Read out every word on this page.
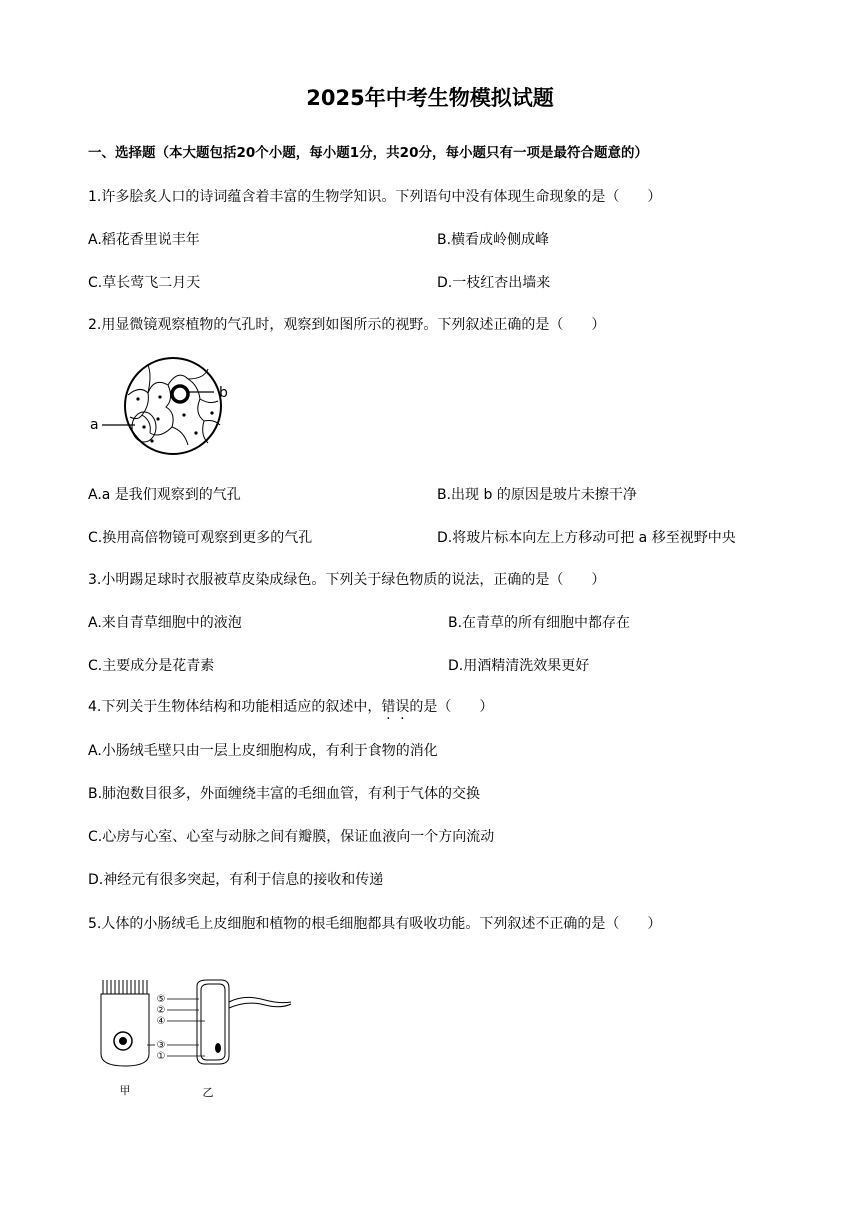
2025年中考生物模拟试题
一、选择题（本大题包括20个小题，每小题1分，共20分，每小题只有一项是最符合题意的）
1.许多脍炙人口的诗词蕴含着丰富的生物学知识。下列语句中没有体现生命现象的是（　　）
A.稻花香里说丰年	B.横看成岭侧成峰
C.草长莺飞二月天	D.一枝红杏出墙来
2.用显微镜观察植物的气孔时，观察到如图所示的视野。下列叙述正确的是（　　）
b
a
A.a 是我们观察到的气孔	B.出现 b 的原因是玻片未擦干净
C.换用高倍物镜可观察到更多的气孔	D.将玻片标本向左上方移动可把 a 移至视野中央
3.小明踢足球时衣服被草皮染成绿色。下列关于绿色物质的说法，正确的是（　　）
A.来自青草细胞中的液泡	B.在青草的所有细胞中都存在
C.主要成分是花青素	D.用酒精清洗效果更好
4.下列关于生物体结构和功能相适应的叙述中，错误的是（　　）
A.小肠绒毛壁只由一层上皮细胞构成，有利于食物的消化
B.肺泡数目很多，外面缠绕丰富的毛细血管，有利于气体的交换
C.心房与心室、心室与动脉之间有瓣膜，保证血液向一个方向流动
D.神经元有很多突起，有利于信息的接收和传递
5.人体的小肠绒毛上皮细胞和植物的根毛细胞都具有吸收功能。下列叙述不正确的是（　　）
⑤
②
④
③
①
甲	乙
